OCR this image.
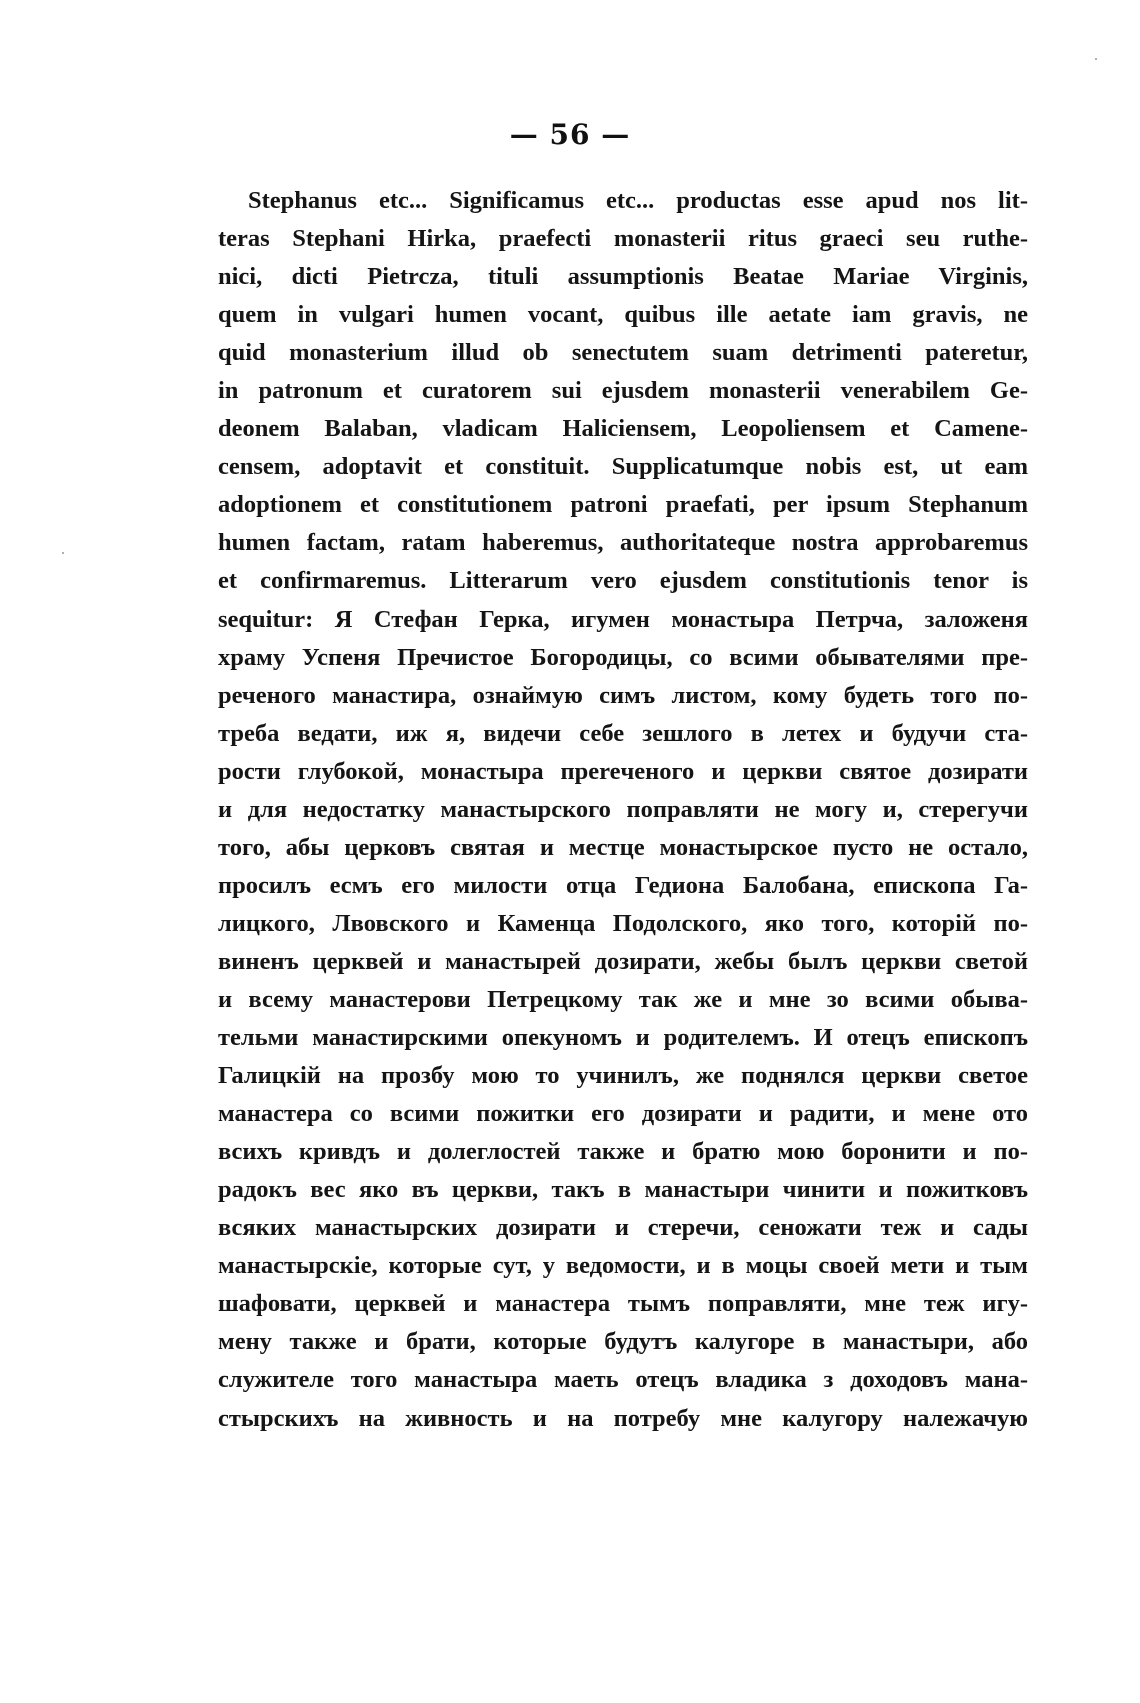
— 56 —
Stephanus etc... Significamus etc... productas esse apud nos lit-
teras Stephani Hirka, praefecti monasterii ritus graeci seu ruthe-
nici, dicti Pietrcza, tituli assumptionis Beatae Mariae Virginis,
quem in vulgari humen vocant, quibus ille aetate iam gravis, ne
quid monasterium illud ob senectutem suam detrimenti pateretur,
in patronum et curatorem sui ejusdem monasterii venerabilem Ge-
deonem Balaban, vladicam Haliciensem, Leopoliensem et Camene-
censem, adoptavit et constituit. Supplicatumque nobis est, ut eam
adoptionem et constitutionem patroni praefati, per ipsum Stephanum
humen factam, ratam haberemus, authoritateque nostra approbaremus
et confirmaremus. Litterarum vero ejusdem constitutionis tenor is
sequitur: Я Стефан Герка, игумен монастыра Петрча, заложеня
храму Успеня Пречистое Богородицы, со всими обывателями пре-
реченого манастира, ознаймую симъ листом, кому будеть того по-
треба ведати, иж я, видечи себе зешлого в летех и будучи ста-
рости глубокой, монастыра прereченого и церкви святое дозирати
и для недостатку манастырского поправляти не могу и, стерегучи
того, абы церковъ святая и местце монастырское пусто не остало,
просилъ есмъ его милости отца Гедиона Балобана, епископа Га-
лицкого, Лвовского и Каменца Подолского, яко того, которій по-
виненъ церквей и манастырей дозирати, жебы былъ церкви светой
и всему манастерови Петрецкому так же и мне зо всими обыва-
тельми манастирскими опекуномъ и родителемъ. И отецъ епископъ
Галицкій на прозбу мою то учинилъ, же поднялся церкви светое
манастера со всими пожитки его дозирати и радити, и мене ото
всихъ кривдъ и долеглостей также и братю мою боронити и по-
радокъ вес яко въ церкви, такъ в манастыри чинити и пожитковъ
всяких манастырских дозирати и стеречи, сеножати теж и сады
манастырскіе, которые сут, у ведомости, и в моцы своей мети и тым
шафовати, церквей и манастера тымъ поправляти, мне теж игу-
мену также и брати, которые будутъ калугоре в манастыри, або
служителе того манастыра маеть отецъ владика з доходовъ мана-
стырскихъ на живность и на потребу мне калугору належачую
